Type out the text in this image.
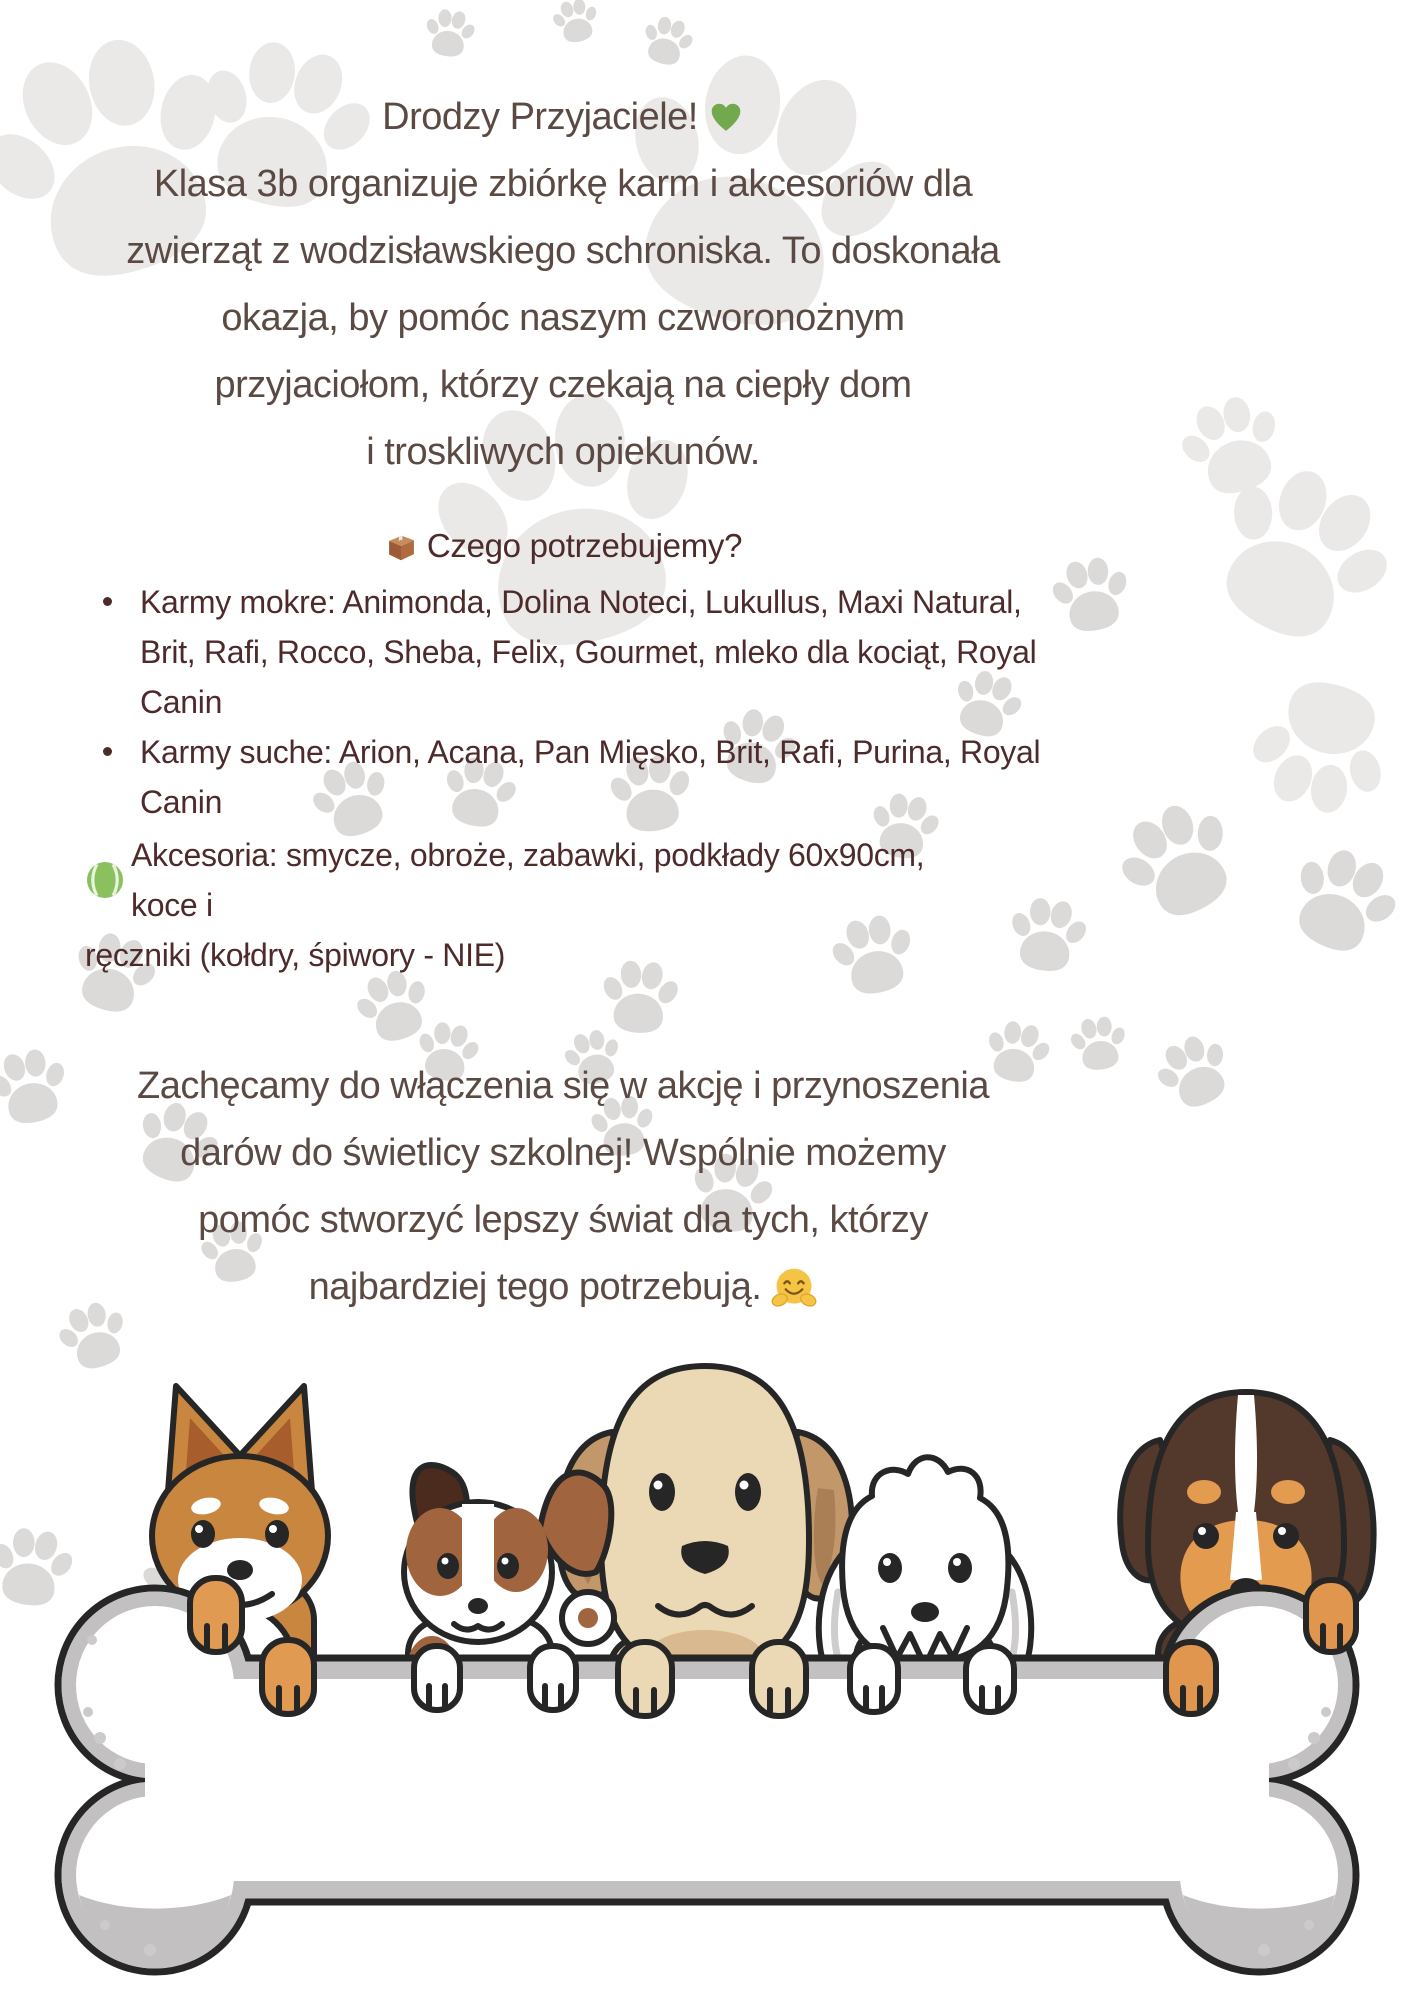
Drodzy Przyjaciele!
Klasa 3b organizuje zbiórkę karm i akcesoriów dla
zwierząt z wodzisławskiego schroniska. To doskonała
okazja, by pomóc naszym czworonożnym
przyjaciołom, którzy czekają na ciepły dom
i troskliwych opiekunów.
Czego potrzebujemy?
Karmy mokre: Animonda, Dolina Noteci, Lukullus, Maxi Natural,
Brit, Rafi, Rocco, Sheba, Felix, Gourmet, mleko dla kociąt, Royal
Canin
Karmy suche: Arion, Acana, Pan Mięsko, Brit, Rafi, Purina, Royal
Canin
Akcesoria: smycze, obroże, zabawki, podkłady 60x90cm,        koce i
ręczniki (kołdry, śpiwory - NIE)
Zachęcamy do włączenia się w akcję i przynoszenia
darów do świetlicy szkolnej! Wspólnie możemy
pomóc stworzyć lepszy świat dla tych, którzy
najbardziej tego potrzebują.
